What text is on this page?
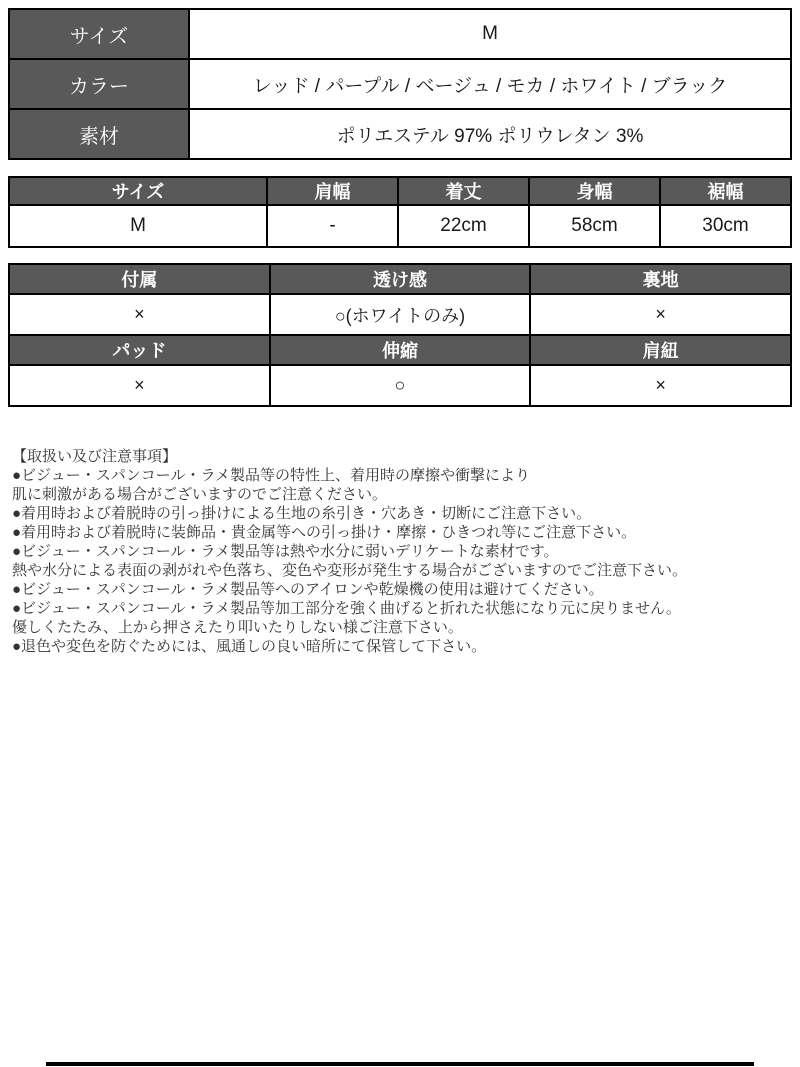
サイズ	M
カラー	レッド / パープル / ベージュ / モカ / ホワイト / ブラック
素材	ポリエステル 97% ポリウレタン 3%
サイズ	肩幅	着丈	身幅	裾幅
M	-	22cm	58cm	30cm
付属	透け感	裏地
×	○(ホワイトのみ)	×
パッド	伸縮	肩紐
×	○	×
【取扱い及び注意事項】
●ビジュー・スパンコール・ラメ製品等の特性上、着用時の摩擦や衝撃により
肌に刺激がある場合がございますのでご注意ください。
●着用時および着脱時の引っ掛けによる生地の糸引き・穴あき・切断にご注意下さい。
●着用時および着脱時に装飾品・貴金属等への引っ掛け・摩擦・ひきつれ等にご注意下さい。
●ビジュー・スパンコール・ラメ製品等は熱や水分に弱いデリケートな素材です。
熱や水分による表面の剥がれや色落ち、変色や変形が発生する場合がございますのでご注意下さい。
●ビジュー・スパンコール・ラメ製品等へのアイロンや乾燥機の使用は避けてください。
●ビジュー・スパンコール・ラメ製品等加工部分を強く曲げると折れた状態になり元に戻りません。
優しくたたみ、上から押さえたり叩いたりしない様ご注意下さい。
●退色や変色を防ぐためには、風通しの良い暗所にて保管して下さい。
